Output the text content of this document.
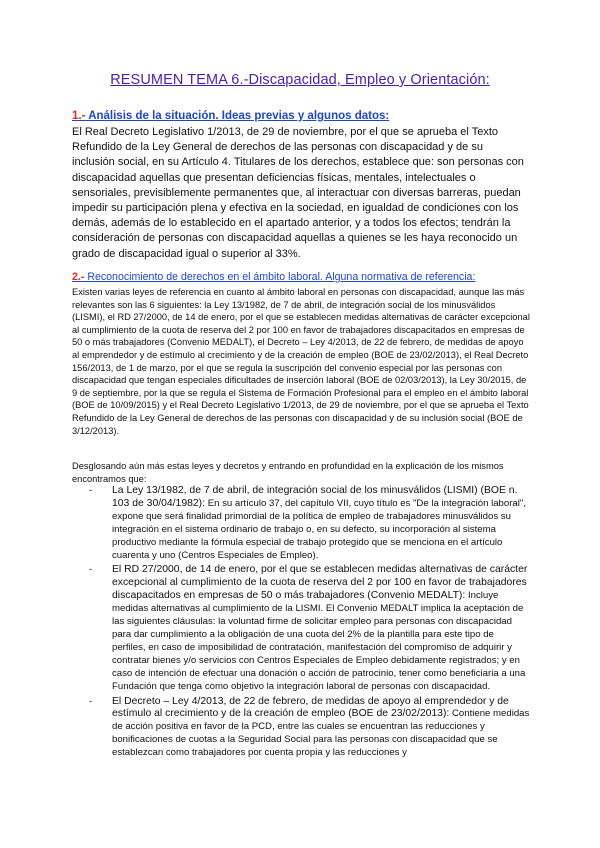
RESUMEN TEMA 6.-Discapacidad, Empleo y Orientación:
1.- Análisis de la situación. Ideas previas y algunos datos:

El Real Decreto Legislativo 1/2013, de 29 de noviembre, por el que se aprueba el Texto Refundido de la Ley General de derechos de las personas con discapacidad y de su inclusión social, en su Artículo 4. Titulares de los derechos, establece que: son personas con discapacidad aquellas que presentan deficiencias físicas, mentales, intelectuales o sensoriales, previsiblemente permanentes que, al interactuar con diversas barreras, puedan impedir su participación plena y efectiva en la sociedad, en igualdad de condiciones con los demás, además de lo establecido en el apartado anterior, y a todos los efectos; tendrán la consideración de personas con discapacidad aquellas a quienes se les haya reconocido un grado de discapacidad igual o superior al 33%.

2.- Reconocimiento de derechos en el ámbito laboral. Alguna normativa de referencia:

Existen varias leyes de referencia en cuanto al ámbito laboral en personas con discapacidad, aunque las más relevantes son las 6 siguientes: la Ley 13/1982, de 7 de abril, de integración social de los minusválidos (LISMI), el RD 27/2000, de 14 de enero, por el que se establecen medidas alternativas de carácter excepcional al cumplimiento de la cuota de reserva del 2 por 100 en favor de trabajadores discapacitados en empresas de 50 o más trabajadores (Convenio MEDALT), el Decreto – Ley 4/2013, de 22 de febrero, de medidas de apoyo al emprendedor y de estímulo al crecimiento y de la creación de empleo (BOE de 23/02/2013), el Real Decreto 156/2013, de 1 de marzo, por el que se regula la suscripción del convenio especial por las personas con discapacidad que tengan especiales dificultades de inserción laboral (BOE de 02/03/2013), la Ley 30/2015, de 9 de septiembre, por la que se regula el Sistema de Formación Profesional para el empleo en el ámbito laboral (BOE de 10/09/2015) y el Real Decreto Legislativo 1/2013, de 29 de noviembre, por el que se aprueba el Texto Refundido de la Ley General de derechos de las personas con discapacidad y de su inclusión social (BOE de 3/12/2013).

Desglosando aún más estas leyes y decretos y entrando en profundidad en la explicación de los mismos encontramos que:

- La Ley 13/1982, de 7 de abril, de integración social de los minusválidos (LISMI) (BOE n. 103 de 30/04/1982): En su artículo 37, del capítulo VII, cuyo título es "De la integración laboral", expone que será finalidad primordial de la política de empleo de trabajadores minusválidos su integración en el sistema ordinario de trabajo o, en su defecto, su incorporación al sistema productivo mediante la fórmula especial de trabajo protegido que se menciona en el artículo cuarenta y uno (Centros Especiales de Empleo).
- El RD 27/2000, de 14 de enero, por el que se establecen medidas alternativas de carácter excepcional al cumplimiento de la cuota de reserva del 2 por 100 en favor de trabajadores discapacitados en empresas de 50 o más trabajadores (Convenio MEDALT): Incluye medidas alternativas al cumplimiento de la LISMI. El Convenio MEDALT implica la aceptación de las siguientes cláusulas: la voluntad firme de solicitar empleo para personas con discapacidad para dar cumplimiento a la obligación de una cuota del 2% de la plantilla para este tipo de perfiles, en caso de imposibilidad de contratación, manifestación del compromiso de adquirir y contratar bienes y/o servicios con Centros Especiales de Empleo debidamente registrados; y en caso de intención de efectuar una donación o acción de patrocinio, tener como beneficiaria a una Fundación que tenga como objetivo la integración laboral de personas con discapacidad.
- El Decreto – Ley 4/2013, de 22 de febrero, de medidas de apoyo al emprendedor y de estímulo al crecimiento y de la creación de empleo (BOE de 23/02/2013): Contiene medidas de acción positiva en favor de la PCD, entre las cuales se encuentran las reducciones y bonificaciones de cuotas a la Seguridad Social para las personas con discapacidad que se establezcan como trabajadores por cuenta propia y las reducciones y
